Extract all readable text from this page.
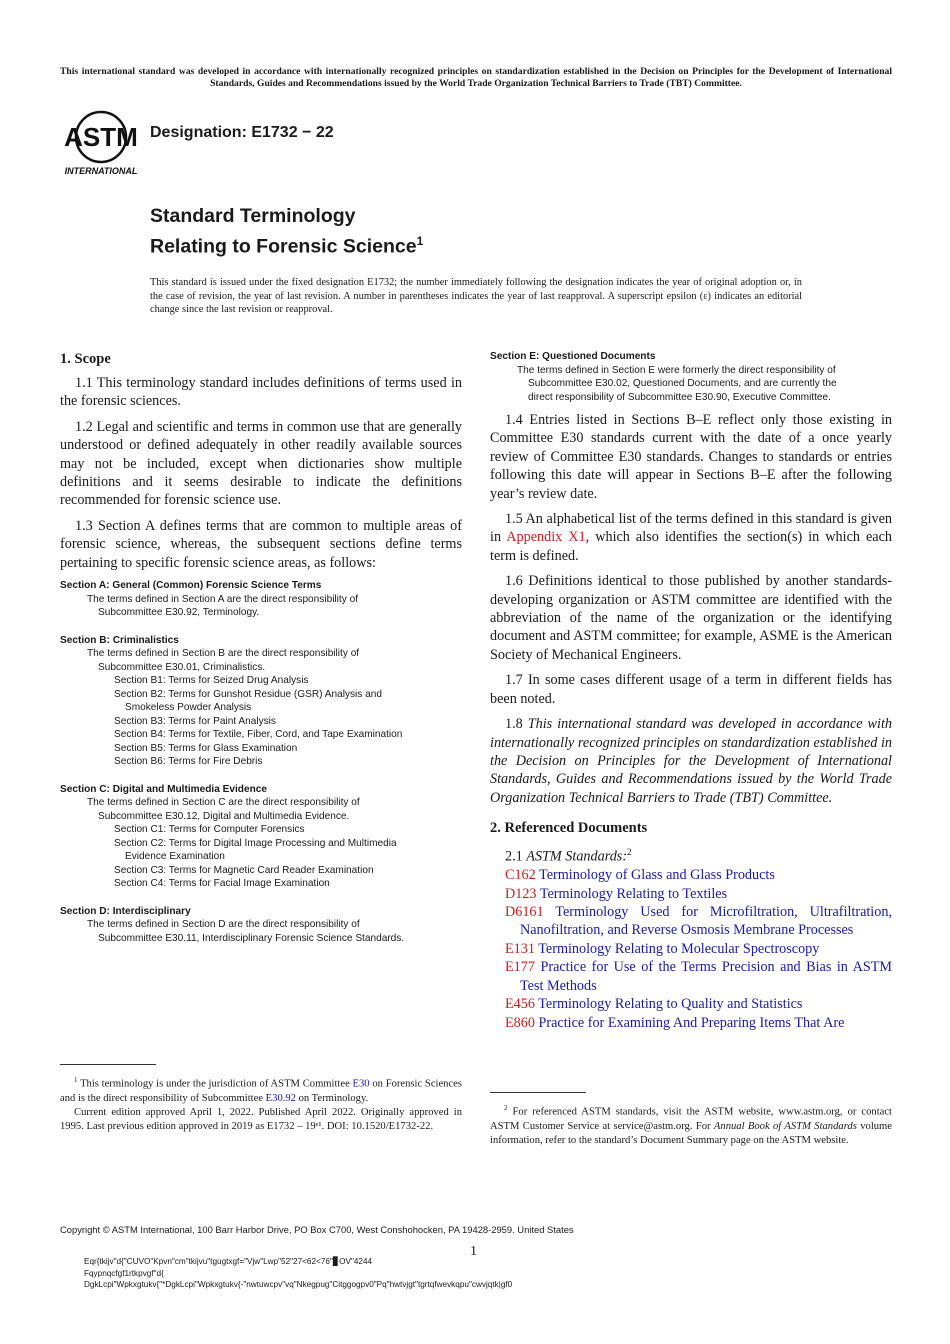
This international standard was developed in accordance with internationally recognized principles on standardization established in the Decision on Principles for the Development of International Standards, Guides and Recommendations issued by the World Trade Organization Technical Barriers to Trade (TBT) Committee.
ASTM
INTERNATIONAL
Designation: E1732 − 22
Standard Terminology
Relating to Forensic Science$^1$
This standard is issued under the fixed designation E1732; the number immediately following the designation indicates the year of original adoption or, in the case of revision, the year of last revision. A number in parentheses indicates the year of last reapproval. A superscript epsilon (ε) indicates an editorial change since the last revision or reapproval.
1. Scope

1.1 This terminology standard includes definitions of terms used in the forensic sciences.

1.2 Legal and scientific and terms in common use that are generally understood or defined adequately in other readily available sources may not be included, except when dictionaries show multiple definitions and it seems desirable to indicate the definitions recommended for forensic science use.

1.3 Section A defines terms that are common to multiple areas of forensic science, whereas, the subsequent sections define terms pertaining to specific forensic science areas, as follows:

Section A: General (Common) Forensic Science Terms
The terms defined in Section A are the direct responsibility of
Subcommittee E30.92, Terminology.
Section B: Criminalistics
The terms defined in Section B are the direct responsibility of
Subcommittee E30.01, Criminalistics.
Section B1: Terms for Seized Drug Analysis
Section B2: Terms for Gunshot Residue (GSR) Analysis and
Smokeless Powder Analysis
Section B3: Terms for Paint Analysis
Section B4: Terms for Textile, Fiber, Cord, and Tape Examination
Section B5: Terms for Glass Examination
Section B6: Terms for Fire Debris
Section C: Digital and Multimedia Evidence
The terms defined in Section C are the direct responsibility of
Subcommittee E30.12, Digital and Multimedia Evidence.
Section C1: Terms for Computer Forensics
Section C2: Terms for Digital Image Processing and Multimedia
Evidence Examination
Section C3: Terms for Magnetic Card Reader Examination
Section C4: Terms for Facial Image Examination
Section D: Interdisciplinary
The terms defined in Section D are the direct responsibility of
Subcommittee E30.11, Interdisciplinary Forensic Science Standards.

$^1$ This terminology is under the jurisdiction of ASTM Committee E30 on Forensic Sciences and is the direct responsibility of Subcommittee E30.92 on Terminology.

Current edition approved April 1, 2022. Published April 2022. Originally approved in 1995. Last previous edition approved in 2019 as E1732 – 19ᵉ¹. DOI: 10.1520/E1732-22.

Section E: Questioned Documents
The terms defined in Section E were formerly the direct responsibility of
Subcommittee E30.02, Questioned Documents, and are currently the
direct responsibility of Subcommittee E30.90, Executive Committee.

1.4 Entries listed in Sections B–E reflect only those existing in Committee E30 standards current with the date of a once yearly review of Committee E30 standards. Changes to standards or entries following this date will appear in Sections B–E after the following year’s review date.

1.5 An alphabetical list of the terms defined in this standard is given in Appendix X1, which also identifies the section(s) in which each term is defined.

1.6 Definitions identical to those published by another standards-developing organization or ASTM committee are identified with the abbreviation of the name of the organization or the identifying document and ASTM committee; for example, ASME is the American Society of Mechanical Engineers.

1.7 In some cases different usage of a term in different fields has been noted.

1.8 This international standard was developed in accordance with internationally recognized principles on standardization established in the Decision on Principles for the Development of International Standards, Guides and Recommendations issued by the World Trade Organization Technical Barriers to Trade (TBT) Committee.

2. Referenced Documents
2.1 ASTM Standards:$^2$
C162 Terminology of Glass and Glass Products
D123 Terminology Relating to Textiles
D6161 Terminology Used for Microfiltration, Ultrafiltration, Nanofiltration, and Reverse Osmosis Membrane Processes
E131 Terminology Relating to Molecular Spectroscopy
E177 Practice for Use of the Terms Precision and Bias in ASTM Test Methods
E456 Terminology Relating to Quality and Statistics
E860 Practice for Examining And Preparing Items That Are

$^2$ For referenced ASTM standards, visit the ASTM website, www.astm.org, or contact ASTM Customer Service at service@astm.org. For Annual Book of ASTM Standards volume information, refer to the standard’s Document Summary page on the ASTM website.

Copyright © ASTM International, 100 Barr Harbor Drive, PO Box C700, West Conshohocken, PA 19428-2959. United States
1
Eqr{tkijv"d{"CUVO"Kpvn"cm"tkijvu"tgugtxgf="Vjw"Lwp"52"27<62<76"▊OV"4244
Fqypnqcfgf1rtkpvgf"d{
DgkLcpi"Wpkxgtukv{"*DgkLcpi"Wpkxgtukv{-"nwtuwcpv"vq"Nkegpug"Citggogpv0"Pq"hwtvjgt"tgrtqfwevkqpu"cwvjqtk|gf0
